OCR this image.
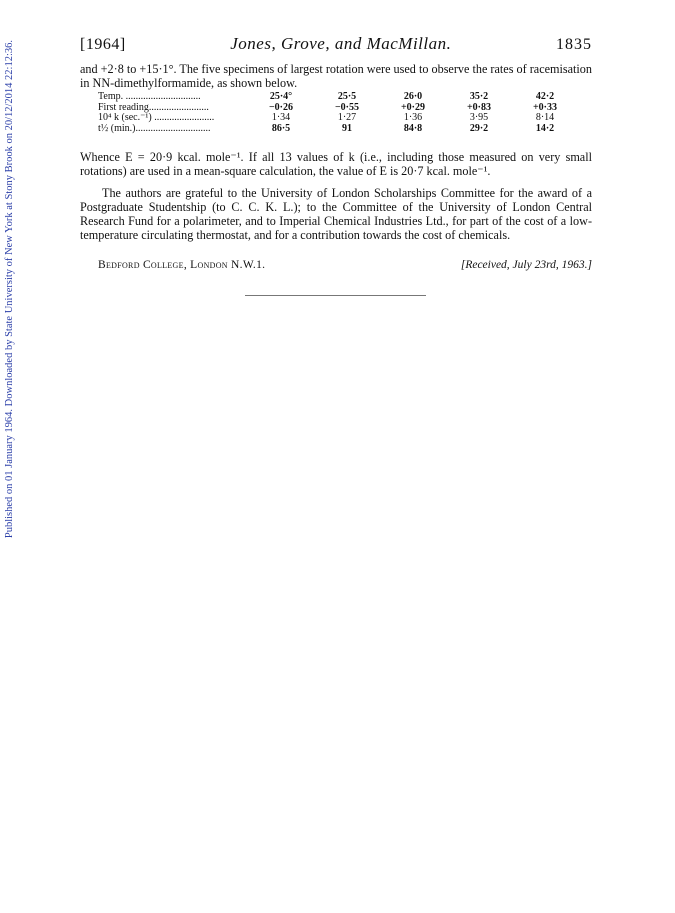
Published on 01 January 1964. Downloaded by State University of New York at Stony Brook on 20/12/2014 22:12:36.	[1964]	Jones, Grove, and MacMillan.	1835

and +2·8 to +15·1°. The five specimens of largest rotation were used to observe the rates of racemisation in NN-dimethylformamide, as shown below.

Temp. ..............................	25·4°	25·5	26·0	35·2	42·2
First reading........................	−0·26	−0·55	+0·29	+0·83	+0·33
10⁴ k (sec.⁻¹) ........................	1·34	1·27	1·36	3·95	8·14
t½ (min.)..............................	86·5	91	84·8	29·2	14·2

Whence E = 20·9 kcal. mole⁻¹. If all 13 values of k (i.e., including those measured on very small rotations) are used in a mean-square calculation, the value of E is 20·7 kcal. mole⁻¹.

The authors are grateful to the University of London Scholarships Committee for the award of a Postgraduate Studentship (to C. C. K. L.); to the Committee of the University of London Central Research Fund for a polarimeter, and to Imperial Chemical Industries Ltd., for part of the cost of a low-temperature circulating thermostat, and for a contribution towards the cost of chemicals.

Bedford College, London N.W.1.	[Received, July 23rd, 1963.]
